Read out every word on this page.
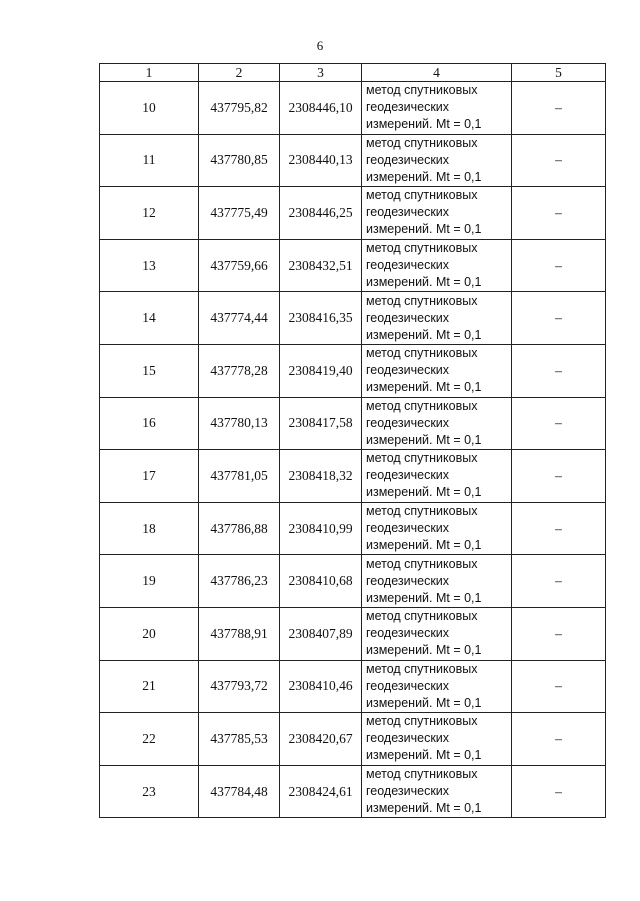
6
1	2	3	4	5
10	437795,82	2308446,10	метод спутниковых
геодезических
измерений. Mt = 0,1	–
11	437780,85	2308440,13	метод спутниковых
геодезических
измерений. Mt = 0,1	–
12	437775,49	2308446,25	метод спутниковых
геодезических
измерений. Mt = 0,1	–
13	437759,66	2308432,51	метод спутниковых
геодезических
измерений. Mt = 0,1	–
14	437774,44	2308416,35	метод спутниковых
геодезических
измерений. Mt = 0,1	–
15	437778,28	2308419,40	метод спутниковых
геодезических
измерений. Mt = 0,1	–
16	437780,13	2308417,58	метод спутниковых
геодезических
измерений. Mt = 0,1	–
17	437781,05	2308418,32	метод спутниковых
геодезических
измерений. Mt = 0,1	–
18	437786,88	2308410,99	метод спутниковых
геодезических
измерений. Mt = 0,1	–
19	437786,23	2308410,68	метод спутниковых
геодезических
измерений. Mt = 0,1	–
20	437788,91	2308407,89	метод спутниковых
геодезических
измерений. Mt = 0,1	–
21	437793,72	2308410,46	метод спутниковых
геодезических
измерений. Mt = 0,1	–
22	437785,53	2308420,67	метод спутниковых
геодезических
измерений. Mt = 0,1	–
23	437784,48	2308424,61	метод спутниковых
геодезических
измерений. Mt = 0,1	–
